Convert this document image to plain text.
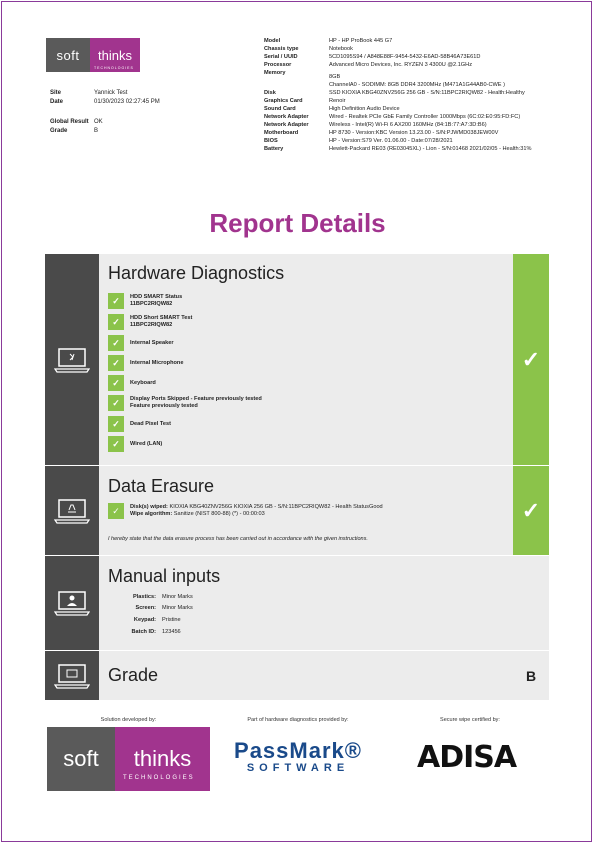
soft	thinks
TECHNOLOGIES
Site	Yannick Test
Date	01/30/2023 02:27:45 PM
Global Result OK
Grade	B
Model	HP - HP ProBook 445 G7
Chassis type	Notebook
Serial / UUID	5CD1095S94 / A848E88F-9454-5432-E6AD-58B46A73E61D
Processor	Advanced Micro Devices, Inc. RYZEN 3 4300U @2.1GHz
Memory
8GB
ChannelA0 - SODIMM: 8GB DDR4 3200MHz (M471A1G44AB0-CWE )
Disk	SSD KIOXIA KBG40ZNV256G 256 GB - S/N:11BPC2RIQW82 - Health:Healthy
Graphics Card	Renoir
Sound Card	High Definition Audio Device
Network Adapter	Wired - Realtek PCIe GbE Family Controller 1000Mbps (6C:02:E0:95:FD:FC)
Network Adapter	Wireless - Intel(R) Wi-Fi 6 AX200 160MHz (84:1B:77:A7:3D:B6)
Motherboard	HP 8730 - Version:KBC Version 13.23.00 - S/N:PJWMD038JEW00V
BIOS	HP - Version:S79 Ver. 01.06.00 - Date:07/28/2021
Battery	Hewlett-Packard RE03 (RE03045XL) - Lion - S/N:01468 2021/02/05 - Health:31%
Report Details
Hardware Diagnostics
✓	HDD SMART Status
11BPC2RIQW82
✓	HDD Short SMART Test
11BPC2RIQW82
✓	Internal Speaker
✓	Internal Microphone
✓	Keyboard
✓	Display Ports Skipped - Feature previously tested
Feature previously tested
✓	Dead Pixel Test
✓	Wired (LAN)
✓
Data Erasure
✓	Disk(s) wiped: KIOXIA KBG40ZNV256G KIOXIA 256 GB - S/N:11BPC2RIQW82 - Health StatusGood
Wipe algorithm: Sanitize (NIST 800-88) (*) - 00:00:03
I hereby state that the data erasure process has been carried out in accordance with the given instructions.
✓
Manual inputs
Plastics: Minor Marks
Screen: Minor Marks
Keypad: Pristine
Batch ID: 123456
Grade	B
Solution developed by:	Part of hardware diagnostics provided by:	Secure wipe certified by:
soft	thinks
TECHNOLOGIES
PassMark®
SOFTWARE	ADISA
